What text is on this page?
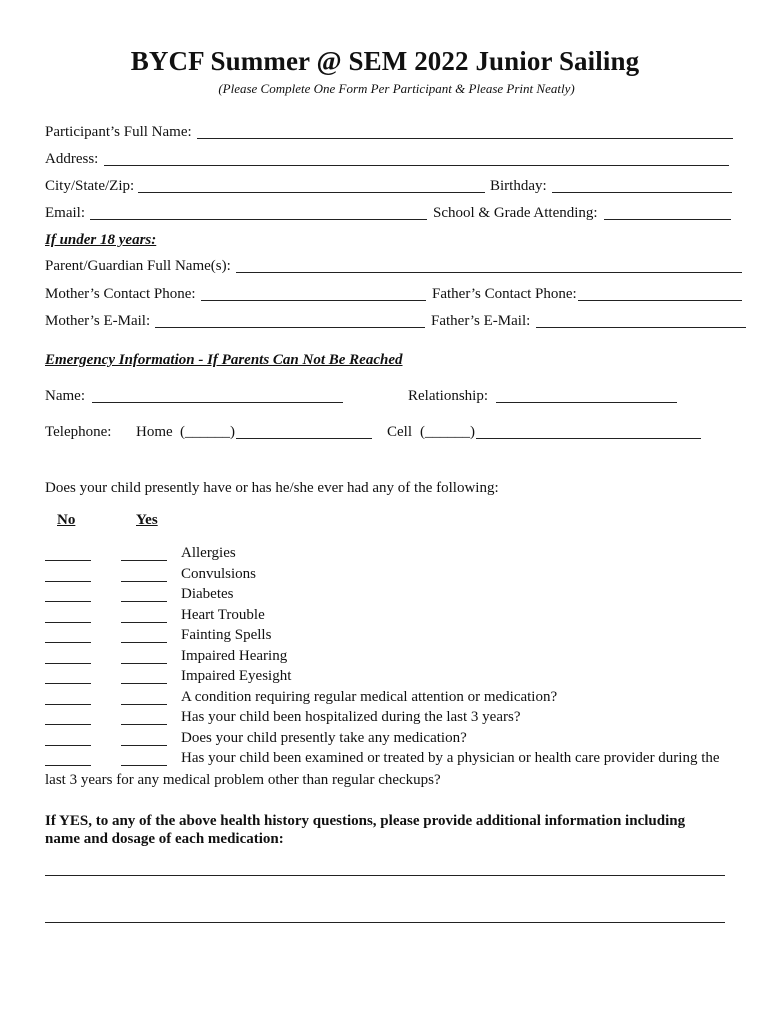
BYCF Summer @ SEM 2022 Junior Sailing
(Please Complete One Form Per Participant & Please Print Neatly)
Participant’s Full Name:
Address:
City/State/Zip:	Birthday:
Email:	School & Grade Attending:
If under 18 years:
Parent/Guardian Full Name(s):
Mother’s Contact Phone:	Father’s Contact Phone:
Mother’s E-Mail:	Father’s E-Mail:
Emergency Information - If Parents Can Not Be Reached
Name:	Relationship:
Telephone: Home (______)	Cell (______)
Does your child presently have or has he/she ever had any of the following:
No	Yes
Allergies
Convulsions
Diabetes
Heart Trouble
Fainting Spells
Impaired Hearing
Impaired Eyesight
A condition requiring regular medical attention or medication?
Has your child been hospitalized during the last 3 years?
Does your child presently take any medication?
Has your child been examined or treated by a physician or health care provider during the
last 3 years for any medical problem other than regular checkups?
If YES, to any of the above health history questions, please provide additional information including
name and dosage of each medication:
